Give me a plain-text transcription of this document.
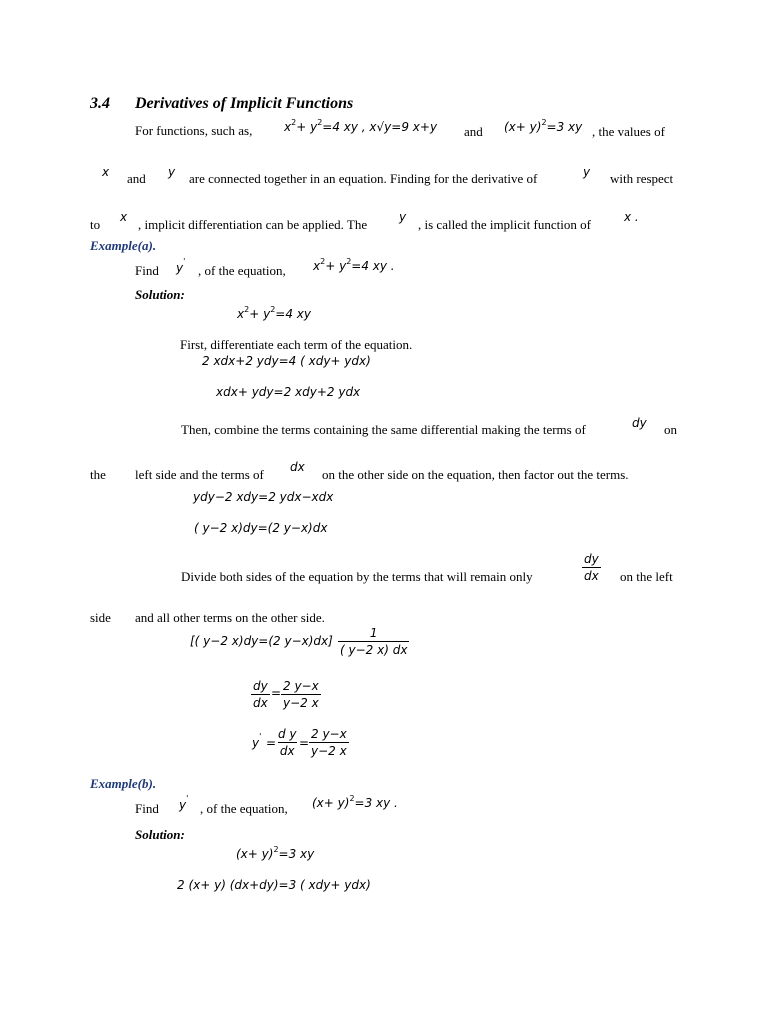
3.4 Derivatives of Implicit Functions
For functions, such as,	$x^2+ y^2=4$ xy , x√y=9 x+y and $(x+ y)^2=3$ xy , the values of
x and y are connected together in an equation. Finding for the derivative of	y with respect
to x , implicit differentiation can be applied. The	y , is called the implicit function of	x .
Example(a).
Find y'
, of the equation, $x^2+ y^2=4$ xy .
Solution:
$x^2+ y^2=4$ xy
First, differentiate each term of the equation.
2 xdx+2 ydy=4 ( xdy+ ydx)
xdx+ ydy=2 xdy+2 ydx
Then, combine the terms containing the same differential making the terms of	dy on
the left side and the terms of dx on the other side on the equation, then factor out the terms.
ydy−2 xdy=2 ydx−xdx
( y−2 x)dy=(2 y−x)dx
Divide both sides of the equation by the terms that will remain only	$\frac{dy}{dx}$ on the left
side and all other terms on the other side.
[( y−2 x)dy=(2 $y-x)dx] \frac{1}{( y-2 x) dx}$
$\frac{dy}{dx} = \frac{2 y-x}{y-2 x}$
$y' = \frac{\text{d y}}{dx} = \frac{2 y-x}{y-2 x}$
Example(b).
Find y'
, of the equation, $(x+ y)^2=3$ xy .
Solution:
$(x+ y)^2=3$ xy
2 (x+ y) (dx+dy)=3 ( xdy+ ydx)
